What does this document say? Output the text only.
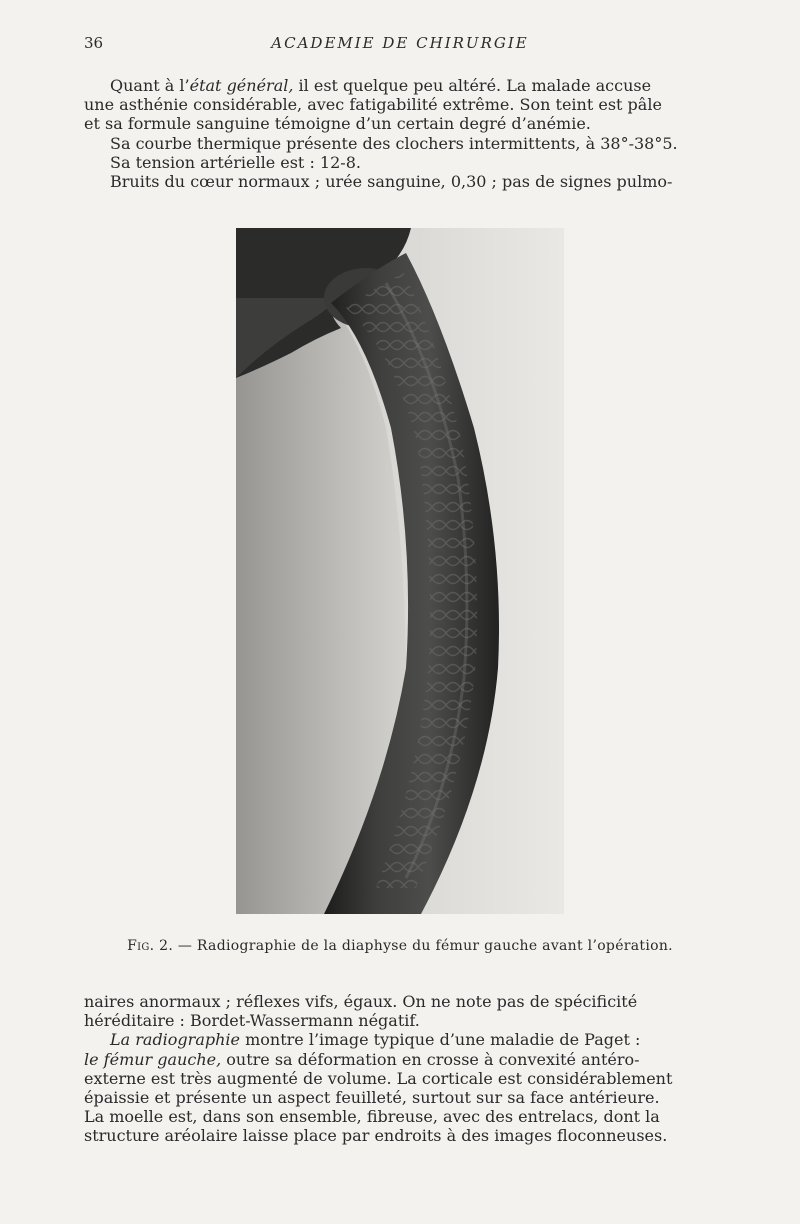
36	ACADEMIE DE CHIRURGIE

Quant à l’état général, il est quelque peu altéré. La malade accuse
une asthénie considérable, avec fatigabilité extrême. Son teint est pâle
et sa formule sanguine témoigne d’un certain degré d’anémie.
Sa courbe thermique présente des clochers intermittents, à 38°-38°5.
Sa tension artérielle est : 12-8.
Bruits du cœur normaux ; urée sanguine, 0,30 ; pas de signes pulmo-

Fig. 2. — Radiographie de la diaphyse du fémur gauche avant l’opération.

naires anormaux ; réflexes vifs, égaux. On ne note pas de spécificité
héréditaire : Bordet-Wassermann négatif.
La radiographie montre l’image typique d’une maladie de Paget :
le fémur gauche, outre sa déformation en crosse à convexité antéro-
externe est très augmenté de volume. La corticale est considérablement
épaissie et présente un aspect feuilleté, surtout sur sa face antérieure.
La moelle est, dans son ensemble, fibreuse, avec des entrelacs, dont la
structure aréolaire laisse place par endroits à des images floconneuses.
